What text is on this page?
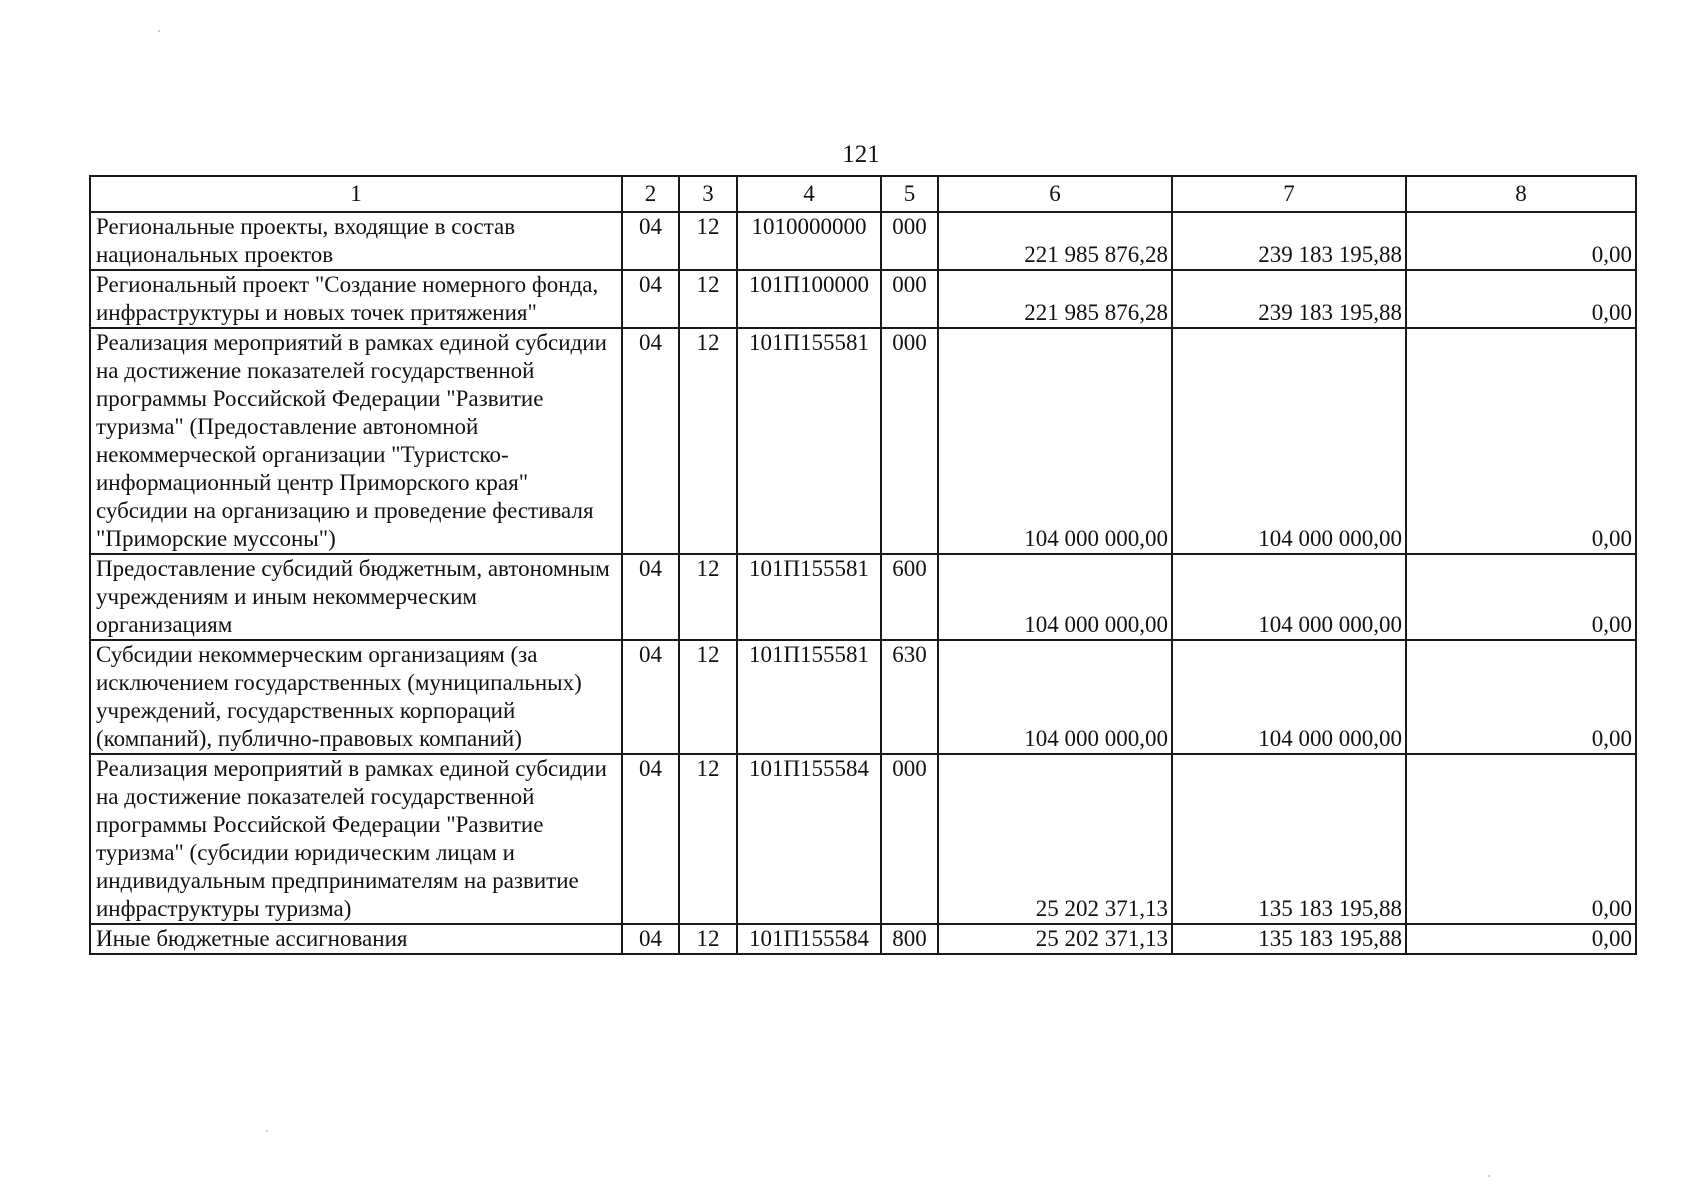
121
1	2	3	4	5	6	7	8
Региональные проекты, входящие в состав национальных проектов	04	12	1010000000	000	221 985 876,28	239 183 195,88	0,00
Региональный проект "Создание номерного фонда, инфраструктуры и новых точек притяжения"	04	12	101П100000	000	221 985 876,28	239 183 195,88	0,00
Реализация мероприятий в рамках единой субсидии на достижение показателей государственной программы Российской Федерации "Развитие туризма" (Предоставление автономной некоммерческой организации "Туристско-информационный центр Приморского края" субсидии на организацию и проведение фестиваля "Приморские муссоны")	04	12	101П155581	000	104 000 000,00	104 000 000,00	0,00
Предоставление субсидий бюджетным, автономным учреждениям и иным некоммерческим организациям	04	12	101П155581	600	104 000 000,00	104 000 000,00	0,00
Субсидии некоммерческим организациям (за исключением государственных (муниципальных) учреждений, государственных корпораций (компаний), публично-правовых компаний)	04	12	101П155581	630	104 000 000,00	104 000 000,00	0,00
Реализация мероприятий в рамках единой субсидии на достижение показателей государственной программы Российской Федерации "Развитие туризма" (субсидии юридическим лицам и индивидуальным предпринимателям на развитие инфраструктуры туризма)	04	12	101П155584	000	25 202 371,13	135 183 195,88	0,00
Иные бюджетные ассигнования	04	12	101П155584	800	25 202 371,13	135 183 195,88	0,00
